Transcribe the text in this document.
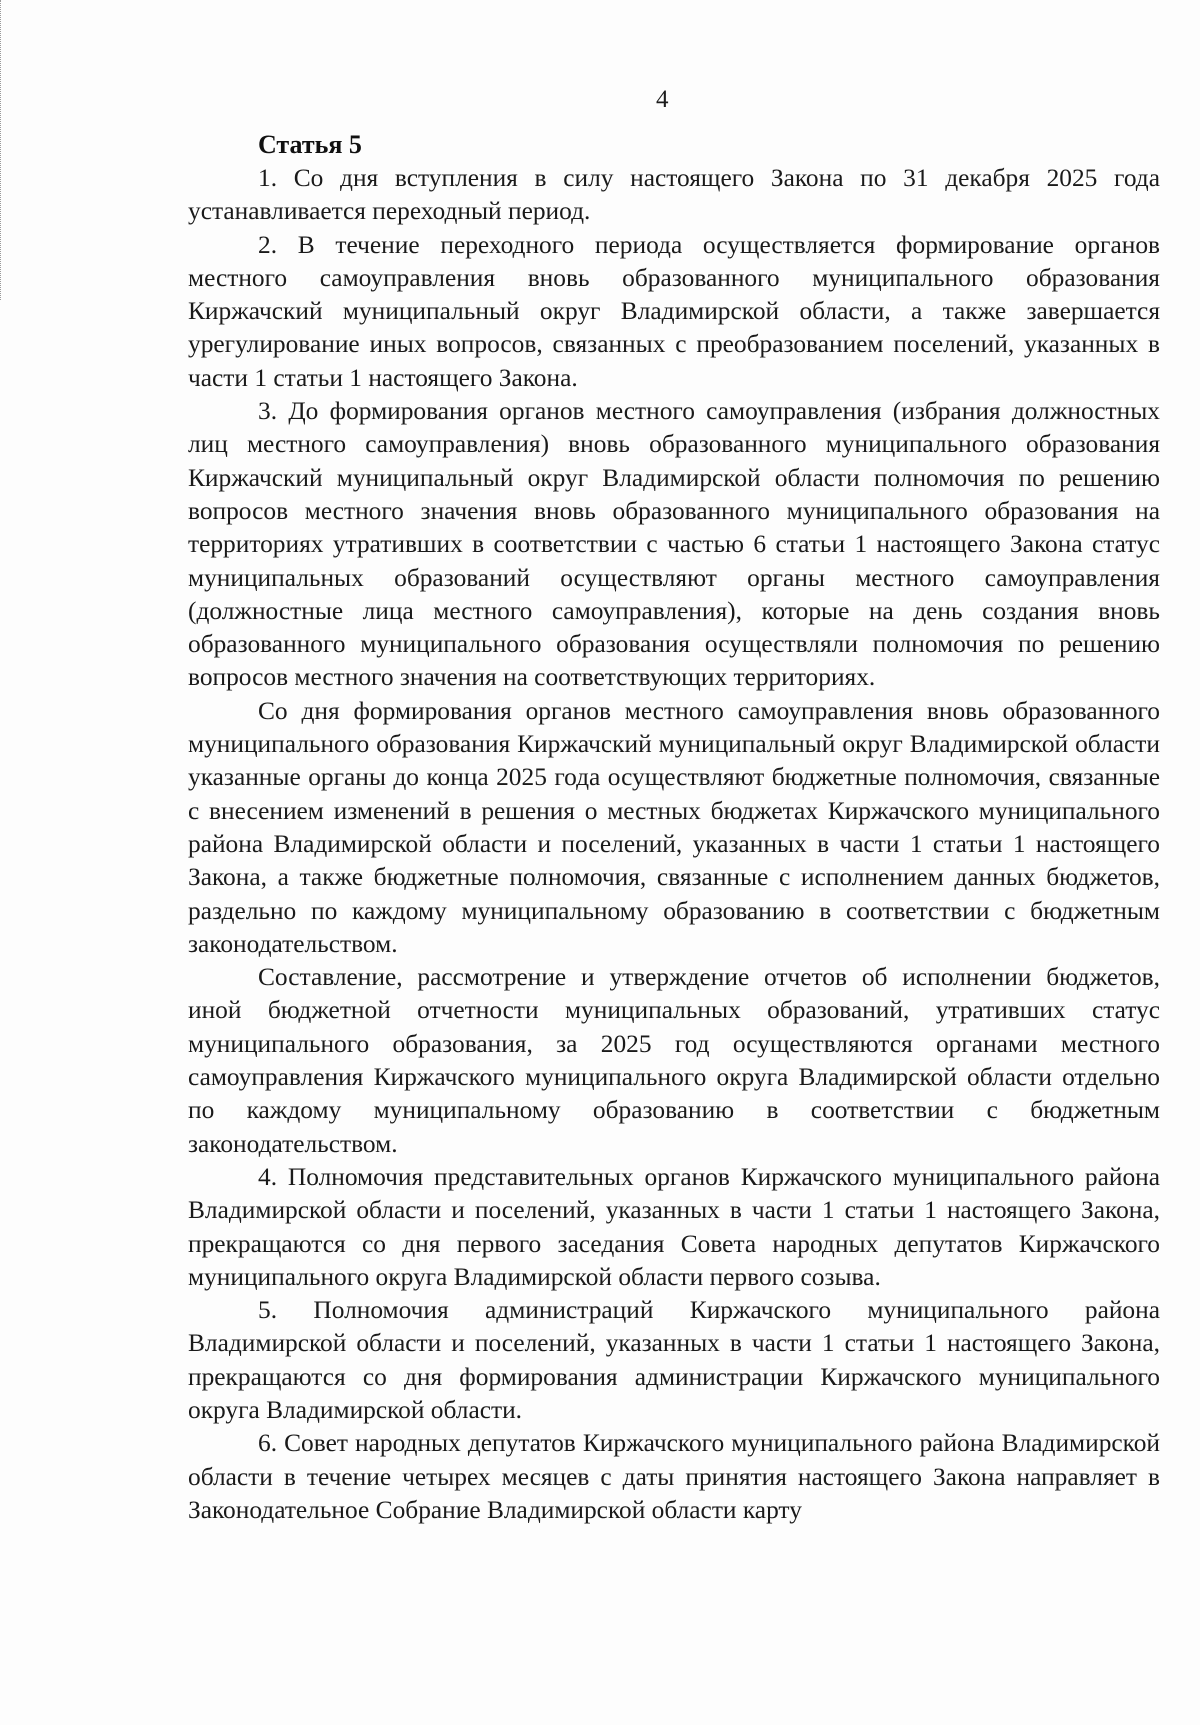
4
Статья 5

1. Со дня вступления в силу настоящего Закона по 31 декабря 2025 года устанавливается переходный период.

2. В течение переходного периода осуществляется формирование органов местного самоуправления вновь образованного муниципального образования Киржачский муниципальный округ Владимирской области, а также завершается урегулирование иных вопросов, связанных с преобразованием поселений, указанных в части 1 статьи 1 настоящего Закона.

3. До формирования органов местного самоуправления (избрания должностных лиц местного самоуправления) вновь образованного муниципального образования Киржачский муниципальный округ Владимирской области полномочия по решению вопросов местного значения вновь образованного муниципального образования на территориях утративших в соответствии с частью 6 статьи 1 настоящего Закона статус муниципальных образований осуществляют органы местного самоуправления (должностные лица местного самоуправления), которые на день создания вновь образованного муниципального образования осуществляли полномочия по решению вопросов местного значения на соответствующих территориях.

Со дня формирования органов местного самоуправления вновь образованного муниципального образования Киржачский муниципальный округ Владимирской области указанные органы до конца 2025 года осуществляют бюджетные полномочия, связанные с внесением изменений в решения о местных бюджетах Киржачского муниципального района Владимирской области и поселений, указанных в части 1 статьи 1 настоящего Закона, а также бюджетные полномочия, связанные с исполнением данных бюджетов, раздельно по каждому муниципальному образованию в соответствии с бюджетным законодательством.

Составление, рассмотрение и утверждение отчетов об исполнении бюджетов, иной бюджетной отчетности муниципальных образований, утративших статус муниципального образования, за 2025 год осуществляются органами местного самоуправления Киржачского муниципального округа Владимирской области отдельно по каждому муниципальному образованию в соответствии с бюджетным законодательством.

4. Полномочия представительных органов Киржачского муниципального района Владимирской области и поселений, указанных в части 1 статьи 1 настоящего Закона, прекращаются со дня первого заседания Совета народных депутатов Киржачского муниципального округа Владимирской области первого созыва.

5. Полномочия администраций Киржачского муниципального района Владимирской области и поселений, указанных в части 1 статьи 1 настоящего Закона, прекращаются со дня формирования администрации Киржачского муниципального округа Владимирской области.

6. Совет народных депутатов Киржачского муниципального района Владимирской области в течение четырех месяцев с даты принятия настоящего Закона направляет в Законодательное Собрание Владимирской области карту
